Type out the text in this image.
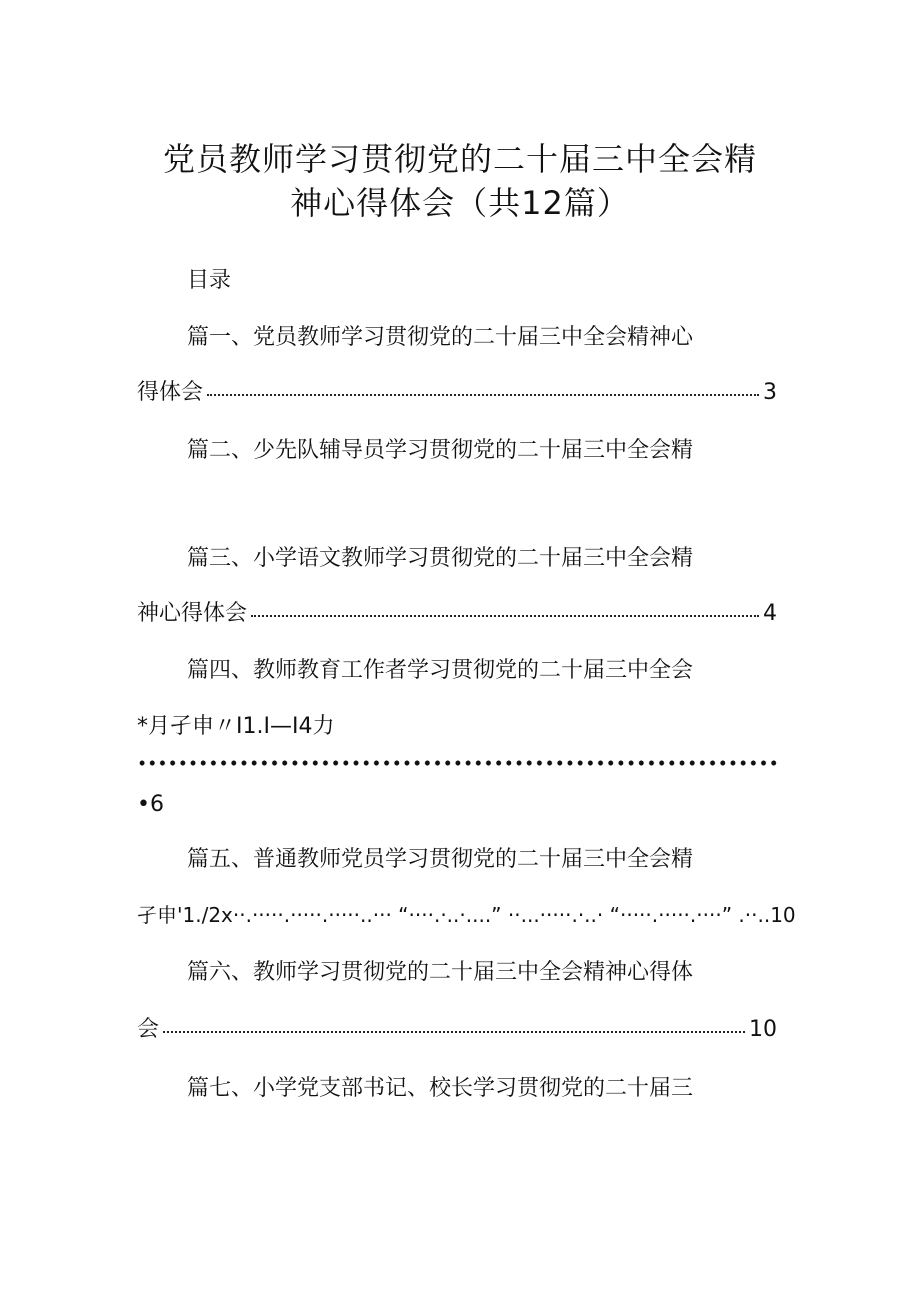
党员教师学习贯彻党的二十届三中全会精
神心得体会（共12篇）
目录
篇一、党员教师学习贯彻党的二十届三中全会精神心
得体会	3
篇二、少先队辅导员学习贯彻党的二十届三中全会精
篇三、小学语文教师学习贯彻党的二十届三中全会精
神心得体会	4
篇四、教师教育工作者学习贯彻党的二十届三中全会
*月孑申〃I1.I—I4力
•6
篇五、普通教师党员学习贯彻党的二十届三中全会精
孑申'1./2x··.·····.·····.·····..··· “····.·..·....” ··...·····.·..· “·····.·····.····” .··..10
篇六、教师学习贯彻党的二十届三中全会精神心得体
会	10
篇七、小学党支部书记、校长学习贯彻党的二十届三
